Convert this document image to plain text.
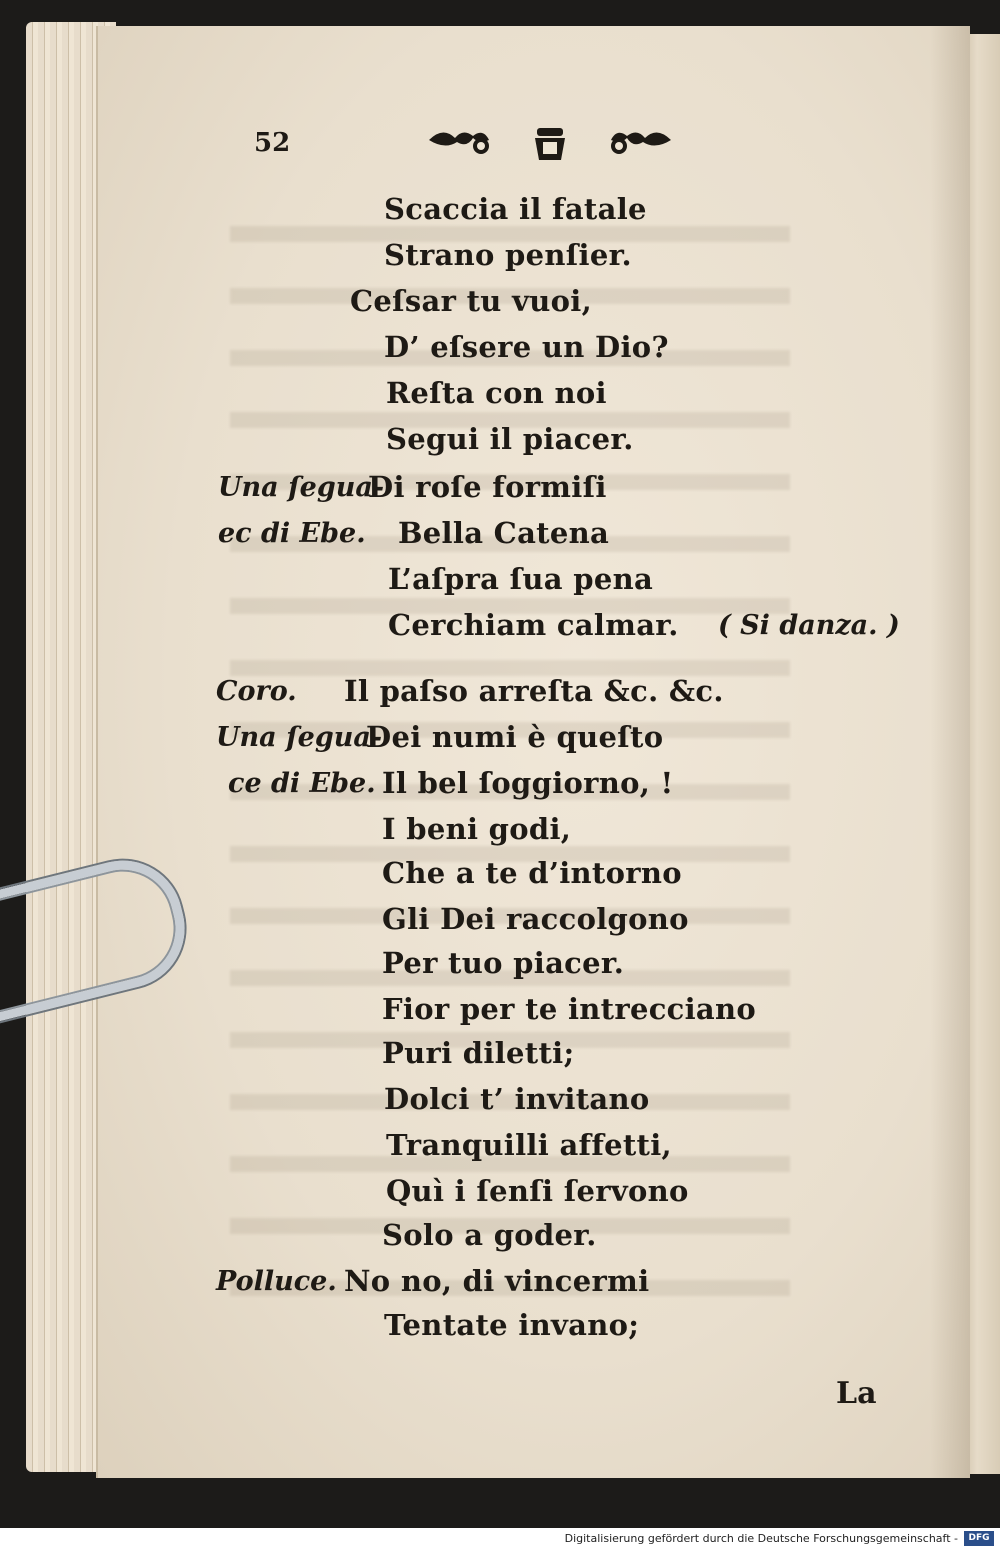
52
Scaccia il fatale
Strano penſier.
Ceſsar tu vuoi,
D’ eſsere un Dio?
Reſta con noi
Segui il piacer.
Una ſegua-
Di roſe formiſi
ec di Ebe. Bella Catena
L’aſpra ſua pena
Cerchiam calmar. ( Si danza. )
Coro. Il paſso arreſta &c. &c.
Una ſegua-
Dei numi è queſto
ce di Ebe. Il bel ſoggiorno, !
I beni godi,
Che a te d’intorno
Gli Dei raccolgono
Per tuo piacer.
Fior per te intrecciano
Puri diletti;
Dolci t’ invitano
Tranquilli affetti,
Quì i ſenſi ſervono
Solo a goder.
Polluce. No no, di vincermi
Tentate invano;
La
Digitalisierung gefördert durch die Deutsche Forschungsgemeinschaft -	DFG
